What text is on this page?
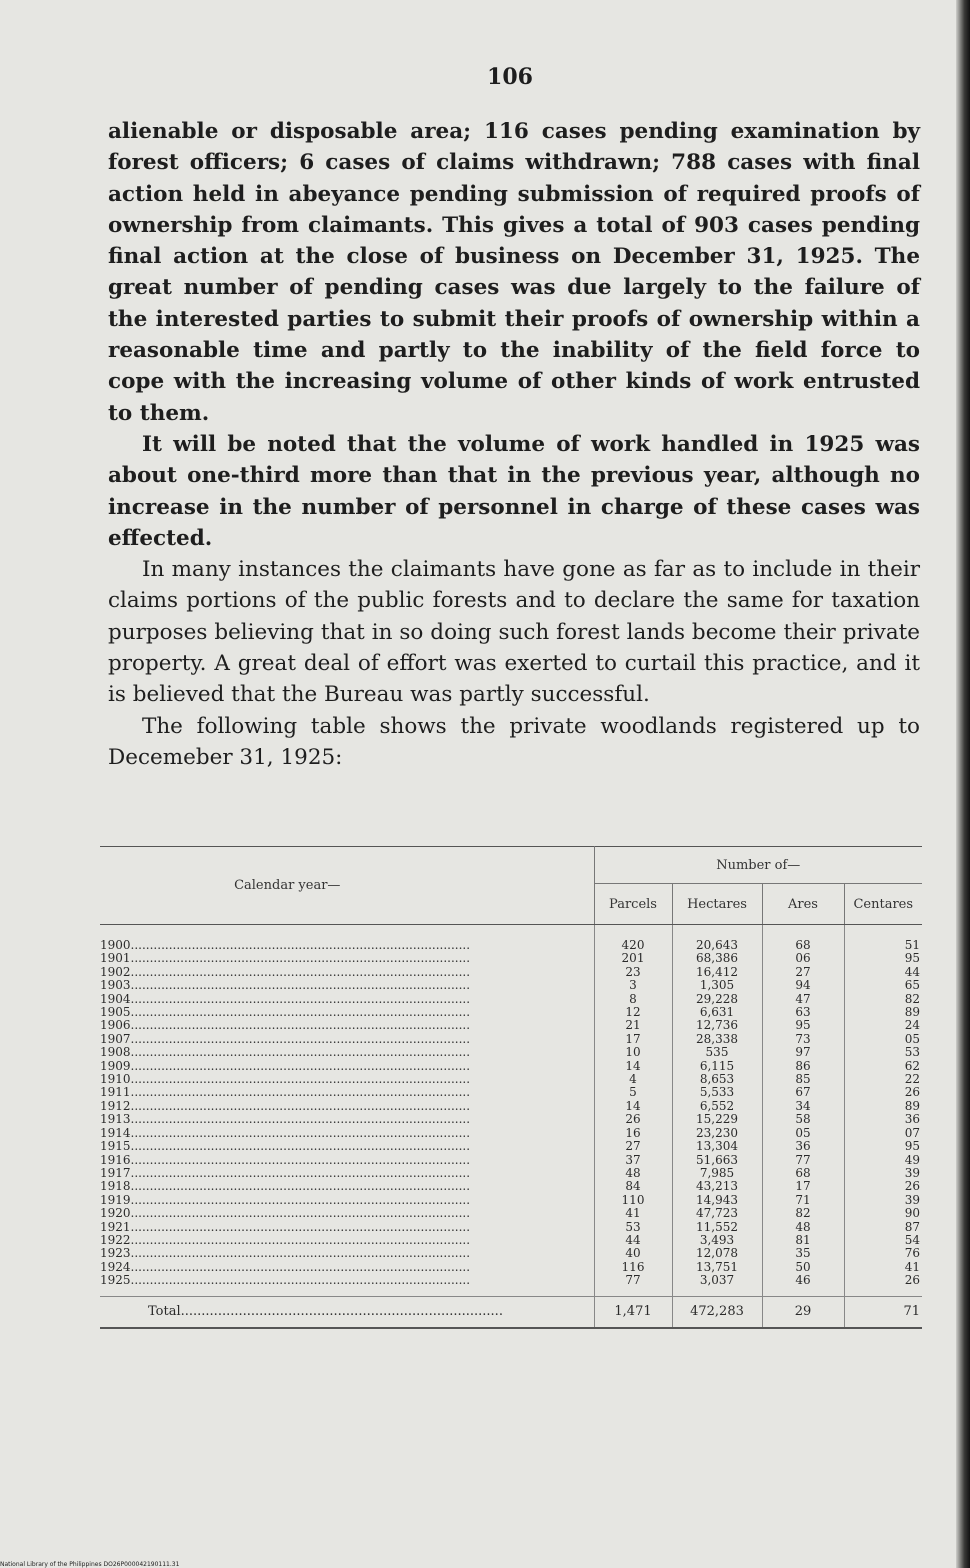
106

alienable or disposable area; 116 cases pending examination by forest officers; 6 cases of claims withdrawn; 788 cases with final action held in abeyance pending submission of required proofs of ownership from claimants. This gives a total of 903 cases pending final action at the close of business on December 31, 1925. The great number of pending cases was due largely to the failure of the interested parties to submit their proofs of ownership within a reasonable time and partly to the inability of the field force to cope with the increasing volume of other kinds of work entrusted to them.

It will be noted that the volume of work handled in 1925 was about one-third more than that in the previous year, although no increase in the number of personnel in charge of these cases was effected.

In many instances the claimants have gone as far as to include in their claims portions of the public forests and to declare the same for taxation purposes believing that in so doing such forest lands become their private property. A great deal of effort was exerted to curtail this practice, and it is believed that the Bureau was partly successful.

The following table shows the private woodlands registered up to Decemeber 31, 1925:

Calendar year—	Number of—			
	Parcels	Hectares	Ares	Centares

1900.........................................................................................	420	20,643	68	51
1901.........................................................................................	201	68,386	06	95
1902.........................................................................................	23	16,412	27	44
1903.........................................................................................	3	1,305	94	65
1904.........................................................................................	8	29,228	47	82
1905.........................................................................................	12	6,631	63	89
1906.........................................................................................	21	12,736	95	24
1907.........................................................................................	17	28,338	73	05
1908.........................................................................................	10	535	97	53
1909.........................................................................................	14	6,115	86	62
1910.........................................................................................	4	8,653	85	22
1911.........................................................................................	5	5,533	67	26
1912.........................................................................................	14	6,552	34	89
1913.........................................................................................	26	15,229	58	36
1914.........................................................................................	16	23,230	05	07
1915.........................................................................................	27	13,304	36	95
1916.........................................................................................	37	51,663	77	49
1917.........................................................................................	48	7,985	68	39
1918.........................................................................................	84	43,213	17	26
1919.........................................................................................	110	14,943	71	39
1920.........................................................................................	41	47,723	82	90
1921.........................................................................................	53	11,552	48	87
1922.........................................................................................	44	3,493	81	54
1923.........................................................................................	40	12,078	35	76
1924.........................................................................................	116	13,751	50	41
1925.........................................................................................	77	3,037	46	26
Total..............................................................................	1,471	472,283	29	71
National Library of the Philippines DO26P000042190111.31
